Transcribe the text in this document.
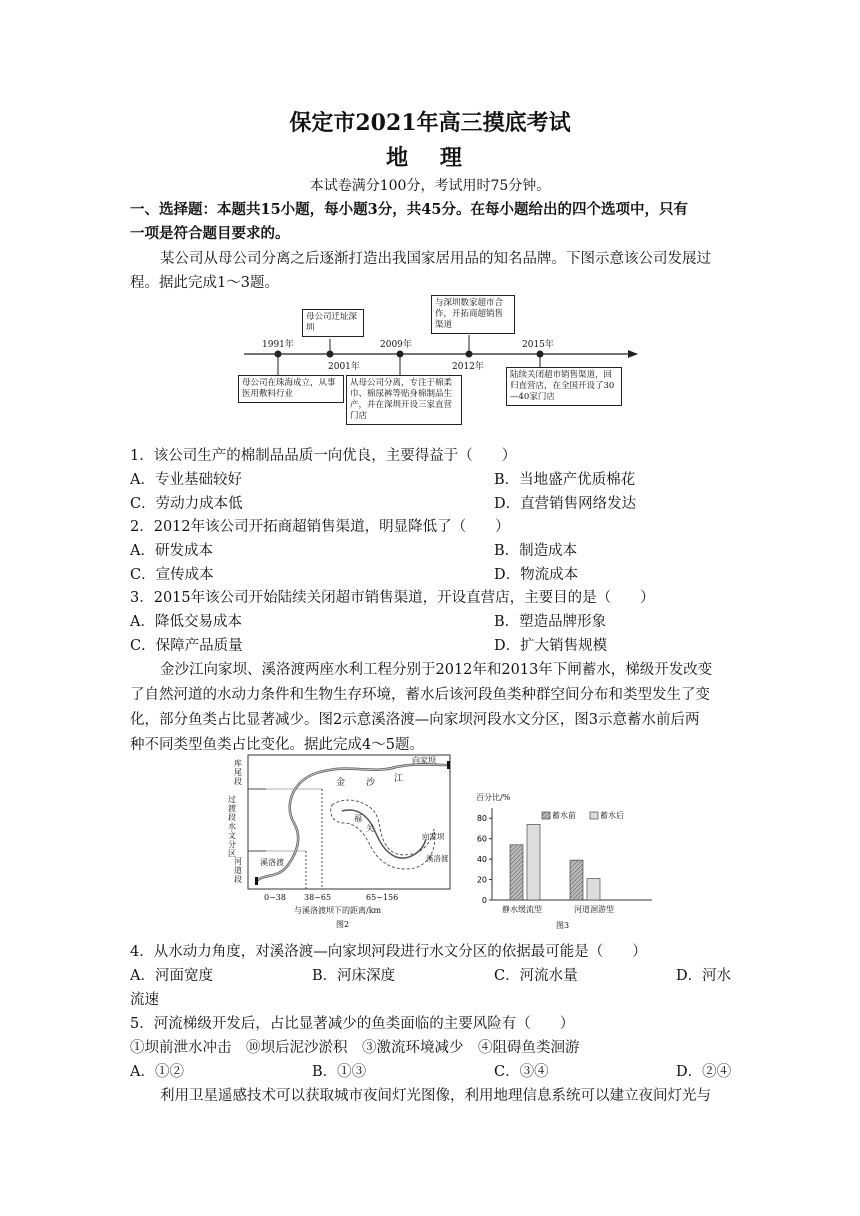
保定市2021年高三摸底考试
地 理
本试卷满分100分，考试用时75分钟。
一、选择题：本题共15小题，每小题3分，共45分。在每小题给出的四个选项中，只有
一项是符合题目要求的。
某公司从母公司分离之后逐渐打造出我国家居用品的知名品牌。下图示意该公司发展过
程。据此完成1～3题。
1991年
2001年
2009年
2012年
2015年
母公司在珠海成立，从事医用敷料行业
母公司迁址深圳
从母公司分离，专注于棉柔巾、棉尿裤等贴身棉制品生产，并在深圳开设三家直营门店
与深圳数家超市合作，开拓商超销售渠道
陆续关闭超市销售渠道，回归直营店，在全国开设了30—40家门店
1．该公司生产的棉制品品质一向优良，主要得益于（　　）
A．专业基础较好	B．当地盛产优质棉花
C．劳动力成本低	D．直营销售网络发达
2．2012年该公司开拓商超销售渠道，明显降低了（　　）
A．研发成本	B．制造成本
C．宣传成本	D．物流成本
3．2015年该公司开始陆续关闭超市销售渠道，开设直营店，主要目的是（　　）
A．降低交易成本	B．塑造品牌形象
C．保障产品质量	D．扩大销售规模
金沙江向家坝、溪洛渡两座水利工程分别于2012年和2013年下闸蓄水，梯级开发改变
了自然河道的水动力条件和生物生存环境，蓄水后该河段鱼类种群空间分布和类型发生了变
化，部分鱼类占比显著减少。图2示意溪洛渡—向家坝河段水文分区，图3示意蓄水前后两
种不同类型鱼类占比变化。据此完成4～5题。
库尾段
过渡段 水文分区
河道段
金 沙 江
向家坝
溪洛渡
福
关
向家坝
溪洛渡
0~38 38~65	65~156
与溪洛渡坝下的距离/km
图2
0
20
40
60
80
百分比/%
蓄水前	蓄水后
静水缓流型	河道洄游型
图3
4．从水动力角度，对溪洛渡—向家坝河段进行水文分区的依据最可能是（　　）
A．河面宽度	B．河床深度	C．河流水量	D．河水
流速
5．河流梯级开发后，占比显著减少的鱼类面临的主要风险有（　　）
①坝前泄水冲击　⑩坝后泥沙淤积　③激流环境减少　④阻碍鱼类洄游
A．①②	B．①③	C．③④	D．②④
利用卫星遥感技术可以获取城市夜间灯光图像，利用地理信息系统可以建立夜间灯光与
